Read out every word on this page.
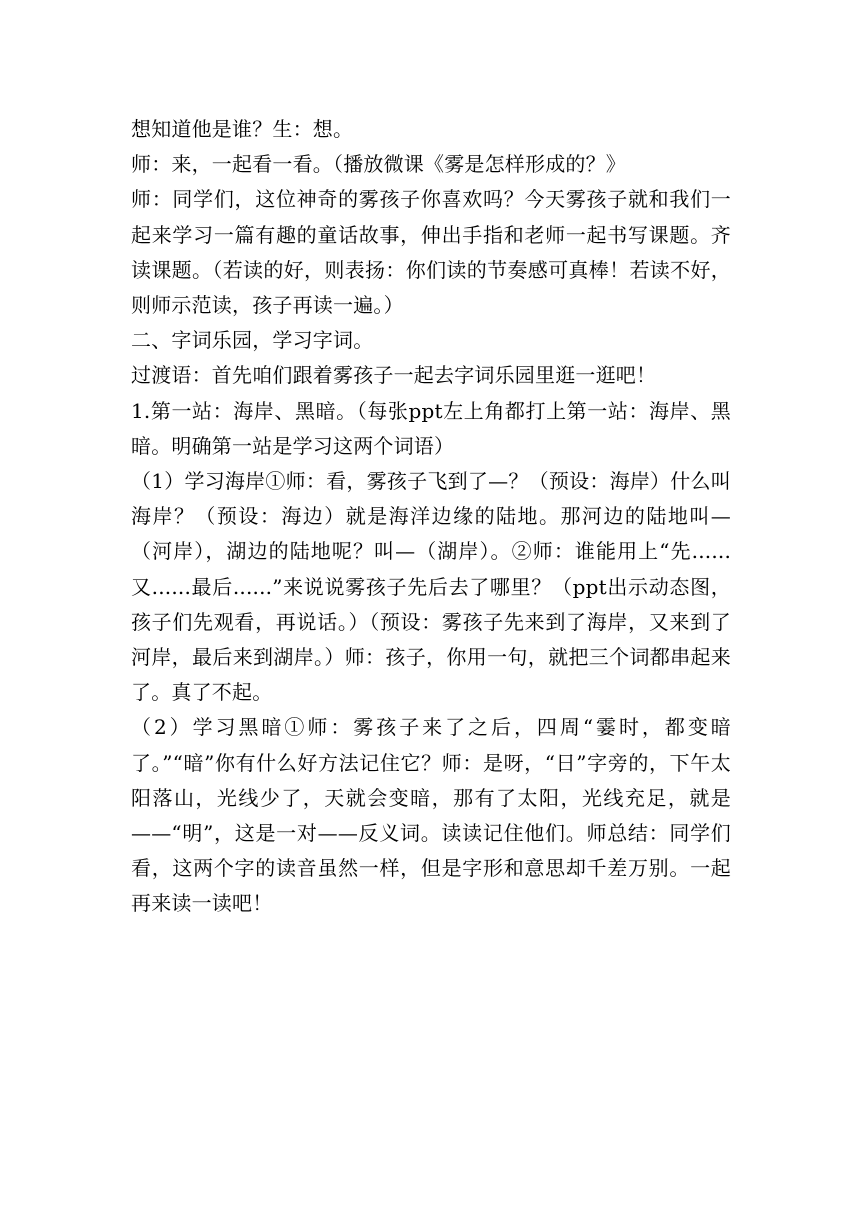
想知道他是谁？生：想。

师：来，一起看一看。（播放微课《雾是怎样形成的？》

师：同学们，这位神奇的雾孩子你喜欢吗？今天雾孩子就和我们一起来学习一篇有趣的童话故事，伸出手指和老师一起书写课题。齐读课题。（若读的好，则表扬：你们读的节奏感可真棒！若读不好，则师示范读，孩子再读一遍。）

二、字词乐园，学习字词。

过渡语：首先咱们跟着雾孩子一起去字词乐园里逛一逛吧！

1.第一站：海岸、黑暗。（每张ppt左上角都打上第一站：海岸、黑暗。明确第一站是学习这两个词语）

（1）学习海岸①师：看，雾孩子飞到了—？（预设：海岸）什么叫海岸？（预设：海边）就是海洋边缘的陆地。那河边的陆地叫—（河岸），湖边的陆地呢？叫—（湖岸）。②师：谁能用上“先......又......最后......”来说说雾孩子先后去了哪里？（ppt出示动态图，孩子们先观看，再说话。）（预设：雾孩子先来到了海岸，又来到了河岸，最后来到湖岸。）师：孩子，你用一句，就把三个词都串起来了。真了不起。

（2）学习黑暗①师：雾孩子来了之后，四周“霎时，都变暗了。”“暗”你有什么好方法记住它？师：是呀，“日”字旁的，下午太阳落山，光线少了，天就会变暗，那有了太阳，光线充足，就是——“明”，这是一对——反义词。读读记住他们。师总结：同学们看，这两个字的读音虽然一样，但是字形和意思却千差万别。一起再来读一读吧！
